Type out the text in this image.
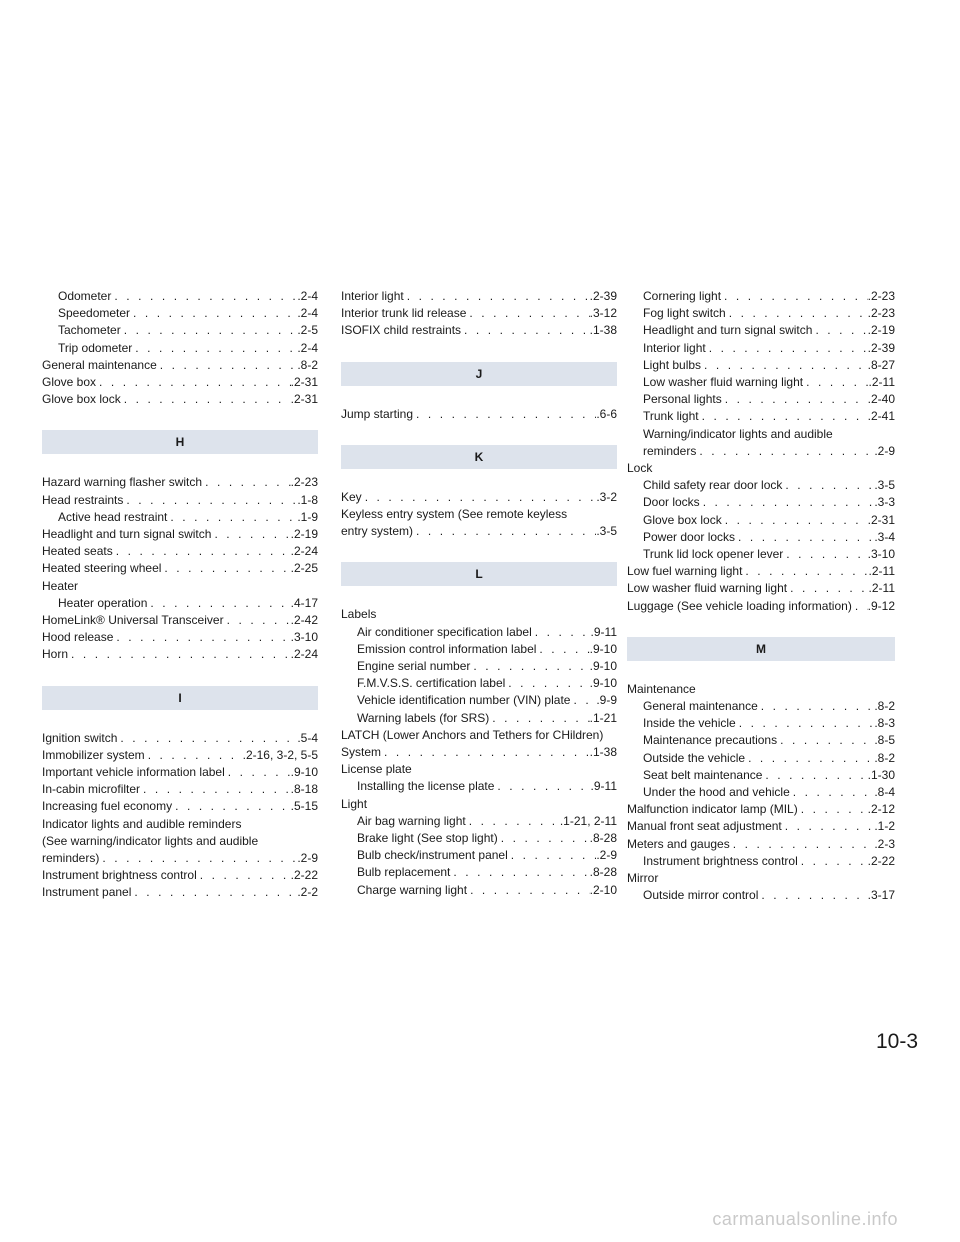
Odometer . . .	.2-4
Speedometer . . .	.2-4
Tachometer . . .	.2-5
Trip odometer . . .	.2-4
General maintenance . . .	.8-2
Glove box . . .	.2-31
Glove box lock . . .	.2-31
H
Hazard warning flasher switch . . .	.2-23
Head restraints . . .	.1-8
Active head restraint . . .	.1-9
Headlight and turn signal switch . . .	.2-19
Heated seats . . .	.2-24
Heated steering wheel . . .	.2-25
Heater
Heater operation . . .	.4-17
HomeLink® Universal Transceiver . . .	.2-42
Hood release . . .	.3-10
Horn . . .	.2-24
I
Ignition switch . . .	.5-4
Immobilizer system . . .	.2-16, 3-2, 5-5
Important vehicle information label . . .	.9-10
In-cabin microfilter . . .	.8-18
Increasing fuel economy . . .	.5-15
Indicator lights and audible reminders
(See warning/indicator lights and audible
reminders) . . .	.2-9
Instrument brightness control . . .	.2-22
Instrument panel . . .	.2-2
Interior light . . .	.2-39
Interior trunk lid release . . .	.3-12
ISOFIX child restraints . . .	.1-38
J
Jump starting . . .	.6-6
K
Key . . .	.3-2
Keyless entry system (See remote keyless
entry system) . . .	.3-5
L
Labels
Air conditioner specification label . . .	.9-11
Emission control information label . . .	.9-10
Engine serial number . . .	.9-10
F.M.V.S.S. certification label . . .	.9-10
Vehicle identification number (VIN) plate . . . .9-9
Warning labels (for SRS) . . .	.1-21
LATCH (Lower Anchors and Tethers for CHildren)
System . . .	.1-38
License plate
Installing the license plate . . .	.9-11
Light
Air bag warning light . . .	.1-21, 2-11
Brake light (See stop light) . . .	.8-28
Bulb check/instrument panel . . .	.2-9
Bulb replacement . . .	.8-28
Charge warning light . . .	.2-10
Cornering light . . .	.2-23
Fog light switch . . .	.2-23
Headlight and turn signal switch . . .	.2-19
Interior light . . .	.2-39
Light bulbs . . .	.8-27
Low washer fluid warning light . . .	.2-11
Personal lights . . .	.2-40
Trunk light . . .	.2-41
Warning/indicator lights and audible
reminders . . .	.2-9
Lock
Child safety rear door lock . . .	.3-5
Door locks . . .	.3-3
Glove box lock . . .	.2-31
Power door locks . . .	.3-4
Trunk lid lock opener lever . . .	.3-10
Low fuel warning light . . .	.2-11
Low washer fluid warning light . . .	.2-11
Luggage (See vehicle loading information) . . . .9-12
M
Maintenance
General maintenance . . .	.8-2
Inside the vehicle . . .	.8-3
Maintenance precautions . . .	.8-5
Outside the vehicle . . .	.8-2
Seat belt maintenance . . .	.1-30
Under the hood and vehicle . . .	.8-4
Malfunction indicator lamp (MIL) . . .	.2-12
Manual front seat adjustment . . .	.1-2
Meters and gauges . . .	.2-3
Instrument brightness control . . .	.2-22
Mirror
Outside mirror control . . .	.3-17
10-3
carmanualsonline.info
